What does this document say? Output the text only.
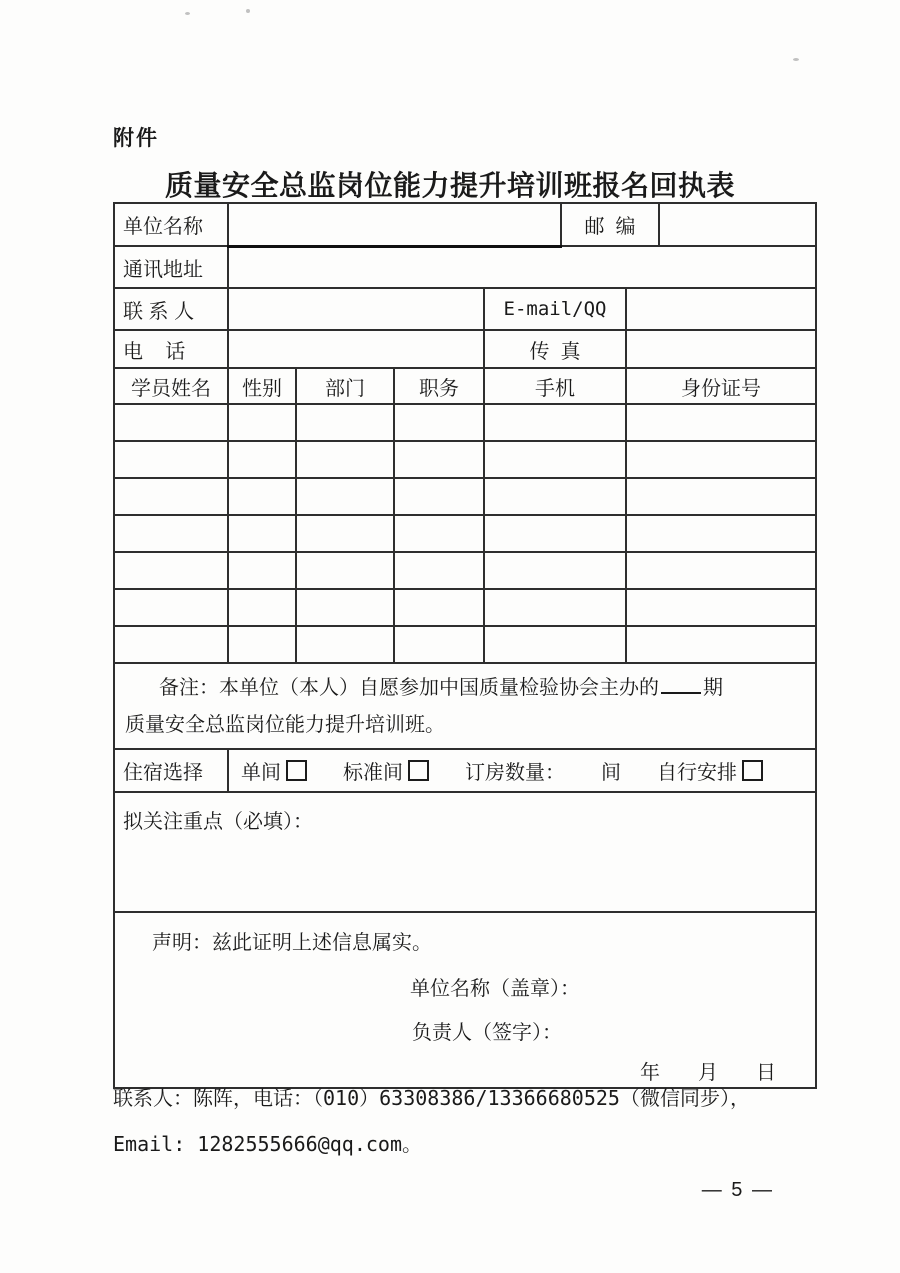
附件
质量安全总监岗位能力提升培训班报名回执表
单位名称					邮  编		
通讯地址							
联 系 人				E-mail/QQ			
电    话				传  真			
学员姓名	性别	部门	职务	手机		身份证号	

备注：本单位（本人）自愿参加中国质量检验协会主办的 期
质量安全总监岗位能力提升培训班。							

住宿选择	单间 标准间 订房数量： 间 自行安排						

拟关注重点（必填）：							

声明：兹此证明上述信息属实。
单位名称（盖章）：
负责人（签字）：
年 月 日
联系人：陈阵，电话：（010）63308386/13366680525（微信同步），
Email: 1282555666@qq.com。
— 5 —
